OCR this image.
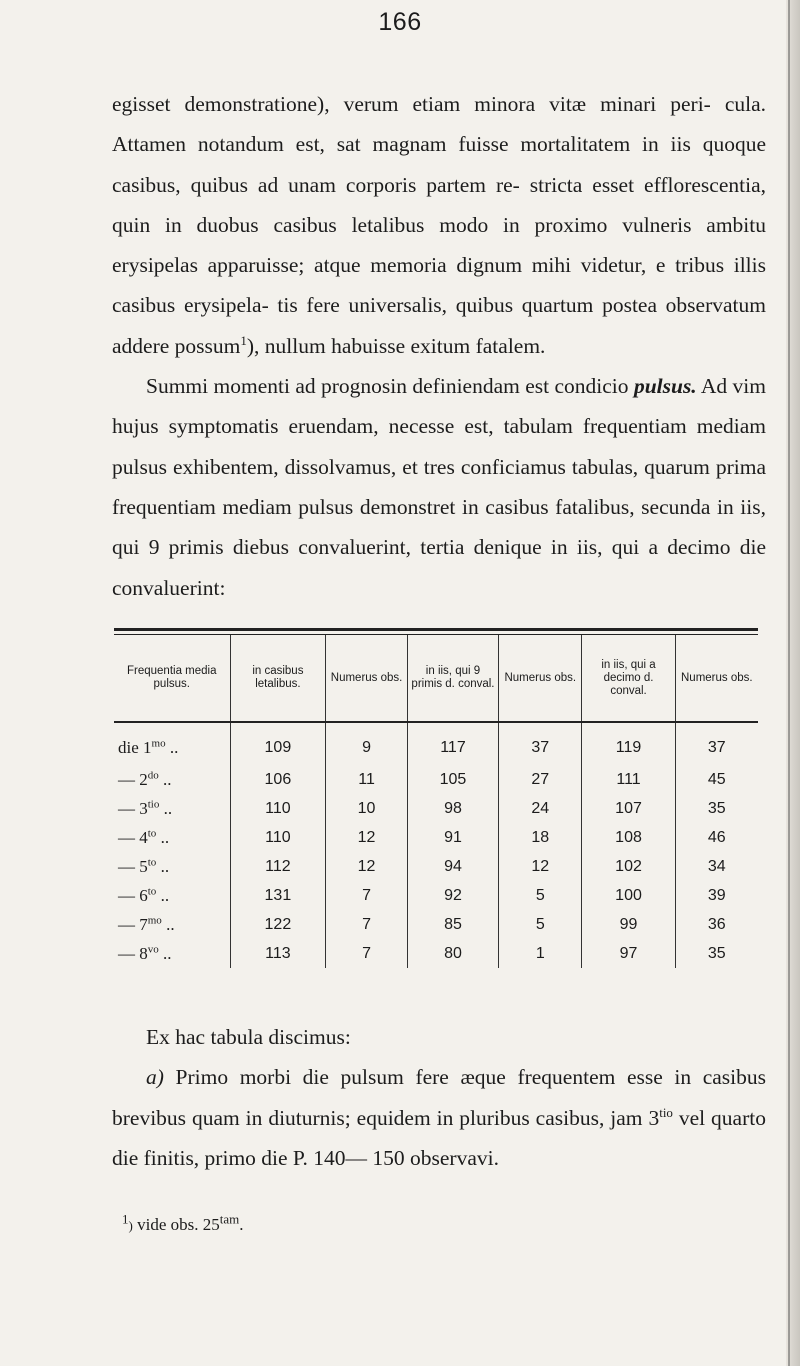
166

egisset demonstratione), verum etiam minora vitæ minari peri- cula. Attamen notandum est, sat magnam fuisse mortalitatem in iis quoque casibus, quibus ad unam corporis partem re- stricta esset efflorescentia, quin in duobus casibus letalibus modo in proximo vulneris ambitu erysipelas apparuisse; atque memoria dignum mihi videtur, e tribus illis casibus erysipela- tis fere universalis, quibus quartum postea observatum addere possum$^1$), nullum habuisse exitum fatalem.

Summi momenti ad prognosin definiendam est condicio pulsus. Ad vim hujus symptomatis eruendam, necesse est, tabulam frequentiam mediam pulsus exhibentem, dissolvamus, et tres conficiamus tabulas, quarum prima frequentiam mediam pulsus demonstret in casibus fatalibus, secunda in iis, qui 9 primis diebus convaluerint, tertia denique in iis, qui a decimo die convaluerint:

Frequentia media pulsus.	in casibus letalibus.	Numerus obs.	in iis, qui 9 primis d. conval.	Numerus obs.	in iis, qui a decimo d. conval.	Numerus obs.
die $1^{mo}$ ..	109	9	117	37	119	37
— $2^{do}$ ..	106	11	105	27	111	45
— $3^{tio}$ ..	110	10	98	24	107	35
— $4^{to}$ ..	110	12	91	18	108	46
— $5^{to}$ ..	112	12	94	12	102	34
— $6^{to}$ ..	131	7	92	5	100	39
— $7^{mo}$ ..	122	7	85	5	99	36
— $8^{vo}$ ..	113	7	80	1	97	35

Ex hac tabula discimus:

a) Primo morbi die pulsum fere æque frequentem esse in casibus brevibus quam in diuturnis; equidem in pluribus casibus, jam $3^{tio}$ vel quarto die finitis, primo die P. 140— 150 observavi.

$^1$) vide obs. $25^{tam}$.
